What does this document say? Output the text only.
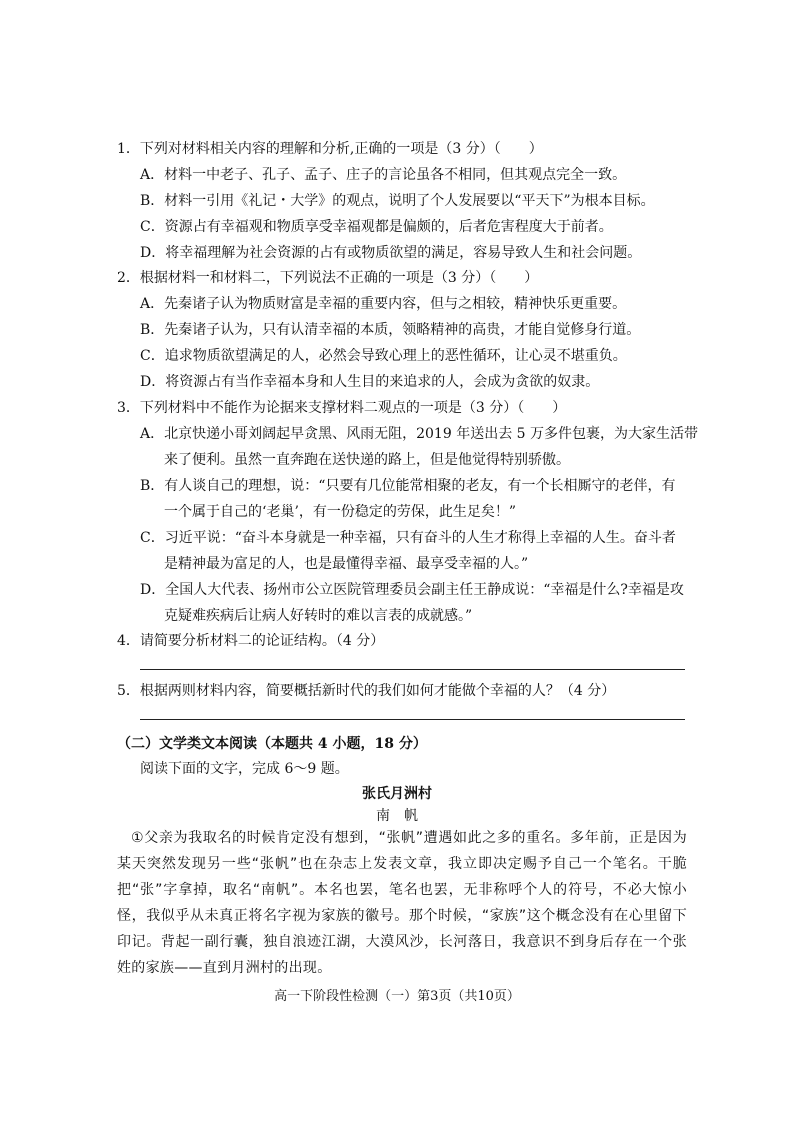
1．下列对材料相关内容的理解和分析,正确的一项是（3 分）（　　）
A．材料一中老子、孔子、孟子、庄子的言论虽各不相同，但其观点完全一致。
B．材料一引用《礼记・大学》的观点，说明了个人发展要以“平天下”为根本目标。
C．资源占有幸福观和物质享受幸福观都是偏颇的，后者危害程度大于前者。
D．将幸福理解为社会资源的占有或物质欲望的满足，容易导致人生和社会问题。
2．根据材料一和材料二，下列说法不正确的一项是（3 分）（　　）
A．先秦诸子认为物质财富是幸福的重要内容，但与之相较，精神快乐更重要。
B．先秦诸子认为，只有认清幸福的本质，领略精神的高贵，才能自觉修身行道。
C．追求物质欲望满足的人，必然会导致心理上的恶性循环，让心灵不堪重负。
D．将资源占有当作幸福本身和人生目的来追求的人，会成为贪欲的奴隶。
3．下列材料中不能作为论据来支撑材料二观点的一项是（3 分）（　　）
A．北京快递小哥刘阔起早贪黑、风雨无阻，2019 年送出去 5 万多件包裹，为大家生活带
来了便利。虽然一直奔跑在送快递的路上，但是他觉得特别骄傲。
B．有人谈自己的理想，说：“只要有几位能常相聚的老友，有一个长相厮守的老伴，有
一个属于自己的‘老巢’，有一份稳定的劳保，此生足矣！”
C．习近平说：“奋斗本身就是一种幸福，只有奋斗的人生才称得上幸福的人生。奋斗者
是精神最为富足的人，也是最懂得幸福、最享受幸福的人。”
D．全国人大代表、扬州市公立医院管理委员会副主任王静成说：“幸福是什么?幸福是攻
克疑难疾病后让病人好转时的难以言表的成就感。”
4．请简要分析材料二的论证结构。（4 分）
5．根据两则材料内容，简要概括新时代的我们如何才能做个幸福的人？（4 分）
（二）文学类文本阅读（本题共 4 小题，18 分）
阅读下面的文字，完成 6～9 题。
张氏月洲村
南　帆
①父亲为我取名的时候肯定没有想到，“张帆”遭遇如此之多的重名。多年前，正是因为某天突然发现另一些“张帆”也在杂志上发表文章，我立即决定赐予自己一个笔名。干脆把“张”字拿掉，取名“南帆”。本名也罢，笔名也罢，无非称呼个人的符号，不必大惊小怪，我似乎从未真正将名字视为家族的徽号。那个时候，“家族”这个概念没有在心里留下印记。背起一副行囊，独自浪迹江湖，大漠风沙，长河落日，我意识不到身后存在一个张姓的家族——直到月洲村的出现。
高一下阶段性检测（一）第3页（共10页）
